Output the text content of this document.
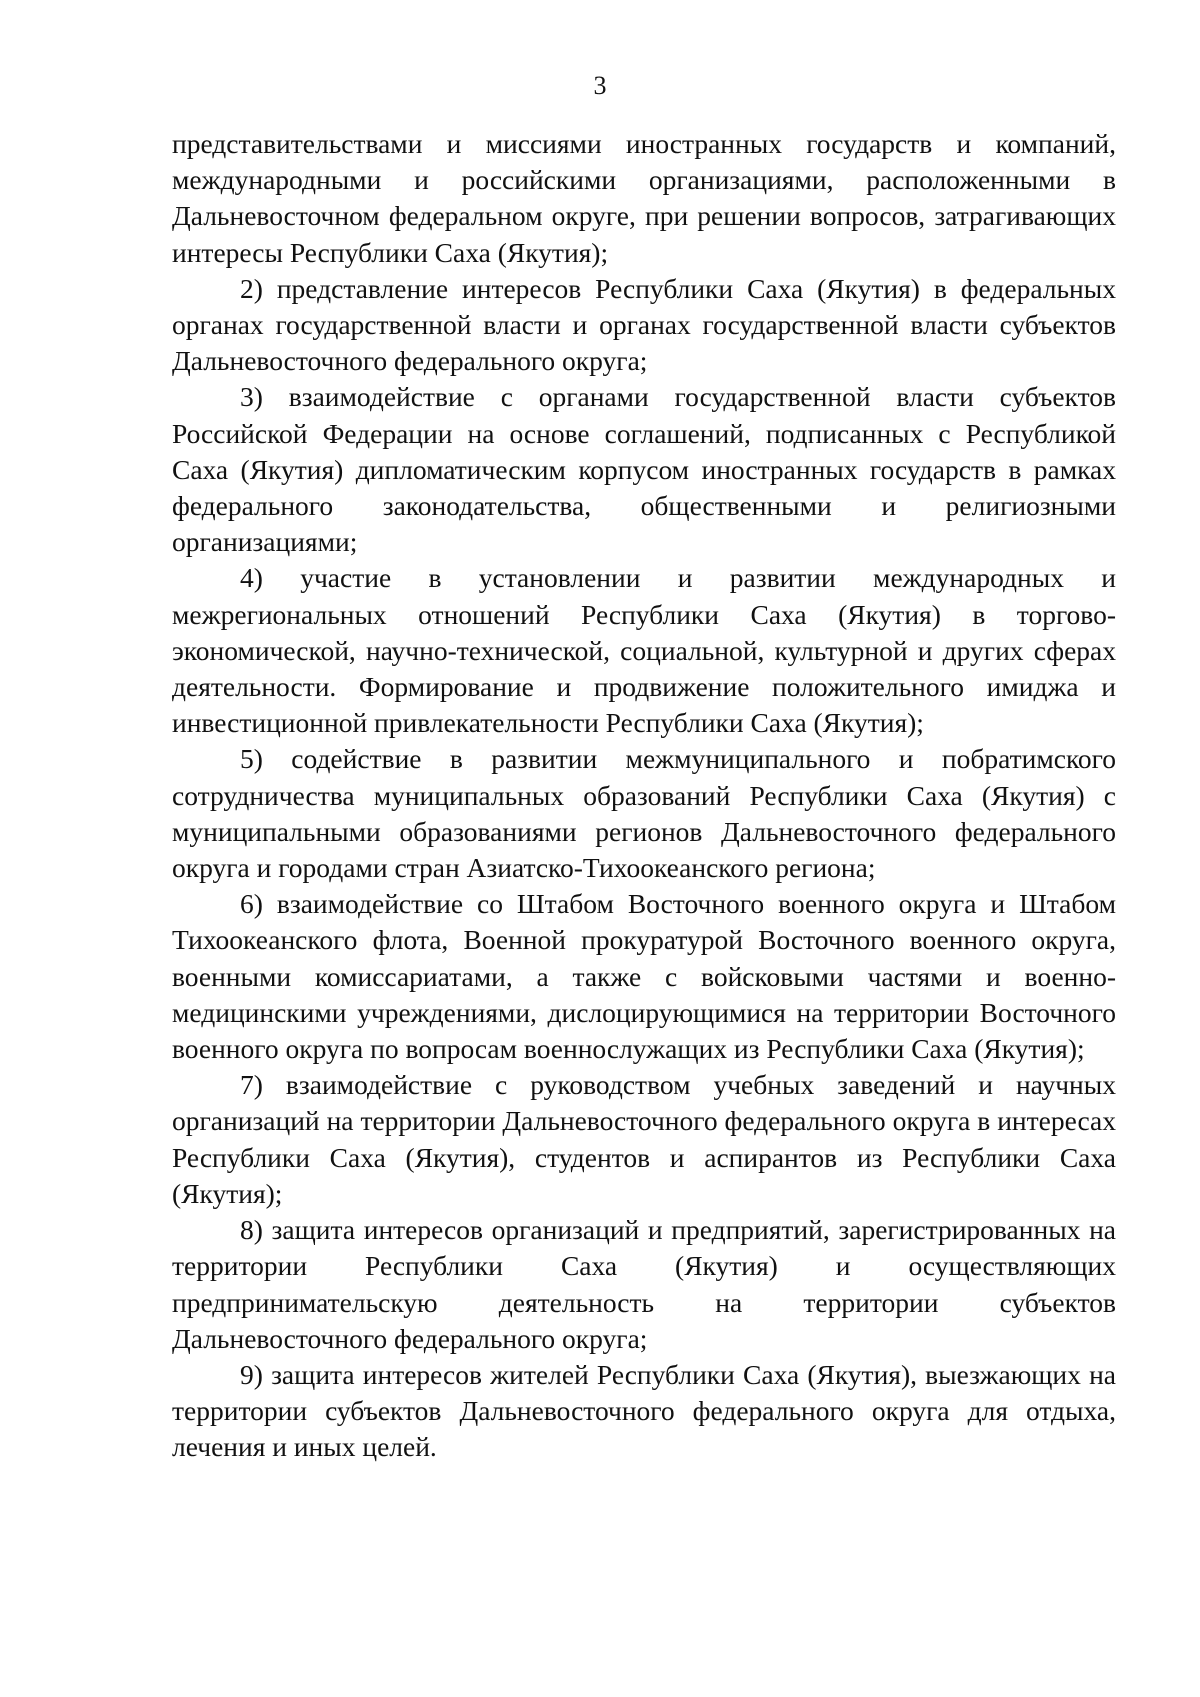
3

представительствами и миссиями иностранных государств и компаний, международными и российскими организациями, расположенными в Дальневосточном федеральном округе, при решении вопросов, затрагивающих интересы Республики Саха (Якутия);

2) представление интересов Республики Саха (Якутия) в федеральных органах государственной власти и органах государственной власти субъектов Дальневосточного федерального округа;

3) взаимодействие с органами государственной власти субъектов Российской Федерации на основе соглашений, подписанных с Республикой Саха (Якутия) дипломатическим корпусом иностранных государств в рамках федерального законодательства, общественными и религиозными организациями;

4) участие в установлении и развитии международных и межрегиональных отношений Республики Саха (Якутия) в торгово-экономической, научно-технической, социальной, культурной и других сферах деятельности. Формирование и продвижение положительного имиджа и инвестиционной привлекательности Республики Саха (Якутия);

5) содействие в развитии межмуниципального и побратимского сотрудничества муниципальных образований Республики Саха (Якутия) с муниципальными образованиями регионов Дальневосточного федерального округа и городами стран Азиатско-Тихоокеанского региона;

6) взаимодействие со Штабом Восточного военного округа и Штабом Тихоокеанского флота, Военной прокуратурой Восточного военного округа, военными комиссариатами, а также с войсковыми частями и военно-медицинскими учреждениями, дислоцирующимися на территории Восточного военного округа по вопросам военнослужащих из Республики Саха (Якутия);

7) взаимодействие с руководством учебных заведений и научных организаций на территории Дальневосточного федерального округа в интересах Республики Саха (Якутия), студентов и аспирантов из Республики Саха (Якутия);

8) защита интересов организаций и предприятий, зарегистрированных на территории Республики Саха (Якутия) и осуществляющих предпринимательскую деятельность на территории субъектов Дальневосточного федерального округа;

9) защита интересов жителей Республики Саха (Якутия), выезжающих на территории субъектов Дальневосточного федерального округа для отдыха, лечения и иных целей.
